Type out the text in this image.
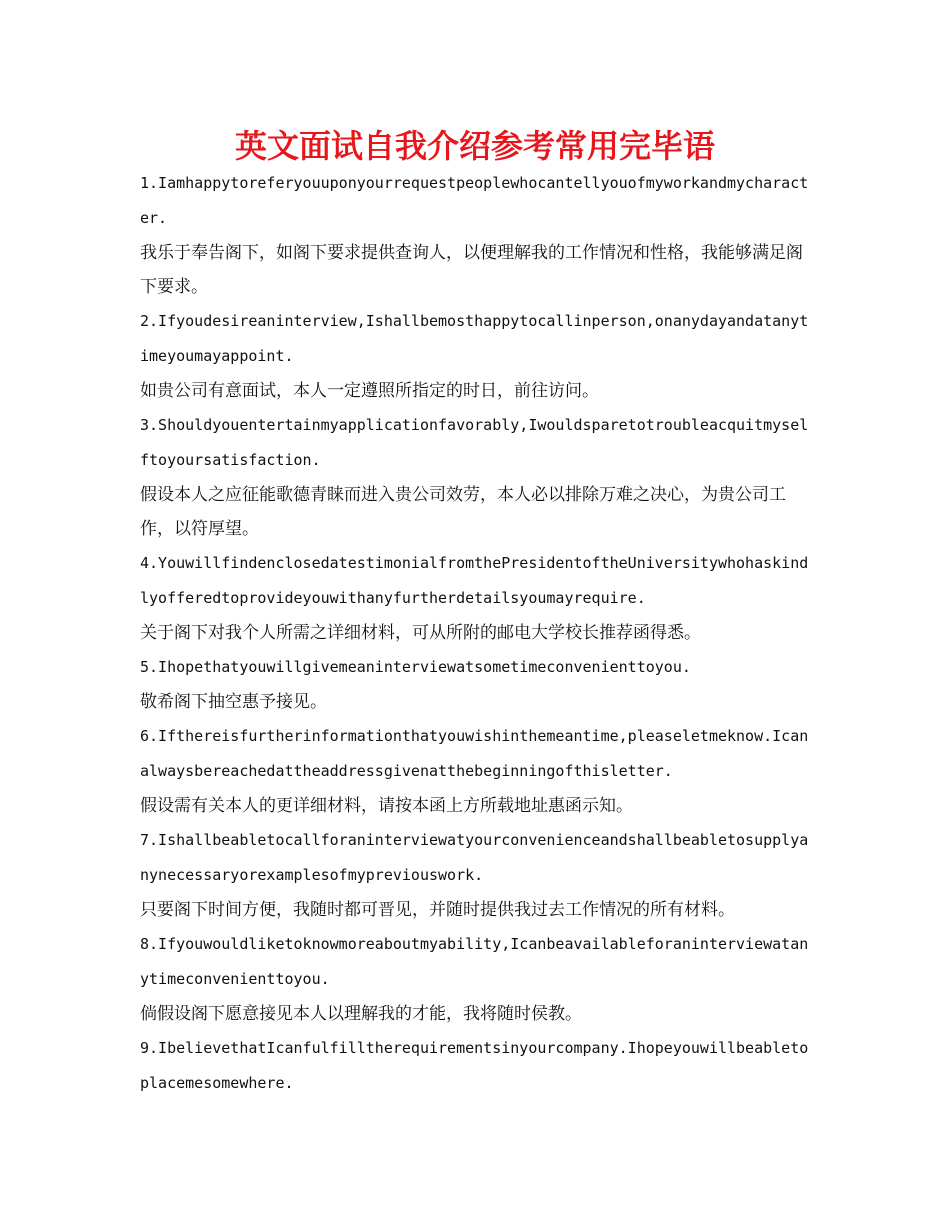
英文面试自我介绍参考常用完毕语

1.Iamhappytoreferyouuponyourrequestpeoplewhocantellyouofmyworkandmycharacter.

我乐于奉告阁下，如阁下要求提供查询人，以便理解我的工作情况和性格，我能够满足阁下要求。

2.Ifyoudesireaninterview,Ishallbemosthappytocallinperson,onanydayandatanytimeyoumayappoint.

如贵公司有意面试，本人一定遵照所指定的时日，前往访问。

3.Shouldyouentertainmyapplicationfavorably,Iwouldsparetotroubleacquitmyselftoyoursatisfaction.

假设本人之应征能歌德青睐而进入贵公司效劳，本人必以排除万难之决心，为贵公司工作，以符厚望。

4.YouwillfindenclosedatestimonialfromthePresidentoftheUniversitywhohaskindlyofferedtoprovideyouwithanyfurtherdetailsyoumayrequire.

关于阁下对我个人所需之详细材料，可从所附的邮电大学校长推荐函得悉。

5.Ihopethatyouwillgivemeaninterviewatsometimeconvenienttoyou.

敬希阁下抽空惠予接见。

6.Ifthereisfurtherinformationthatyouwishinthemeantime,pleaseletmeknow.Icanalwaysbereachedattheaddressgivenatthebeginningofthisletter.

假设需有关本人的更详细材料，请按本函上方所载地址惠函示知。

7.Ishallbeabletocallforaninterviewatyourconvenienceandshallbeabletosupplyanynecessaryorexamplesofmypreviouswork.

只要阁下时间方便，我随时都可晋见，并随时提供我过去工作情况的所有材料。

8.Ifyouwouldliketoknowmoreaboutmyability,Icanbeavailableforaninterviewatanytimeconvenienttoyou.

倘假设阁下愿意接见本人以理解我的才能，我将随时侯教。

9.IbelievethatIcanfulfilltherequirementsinyourcompany.Ihopeyouwillbeabletoplacemesomewhere.
